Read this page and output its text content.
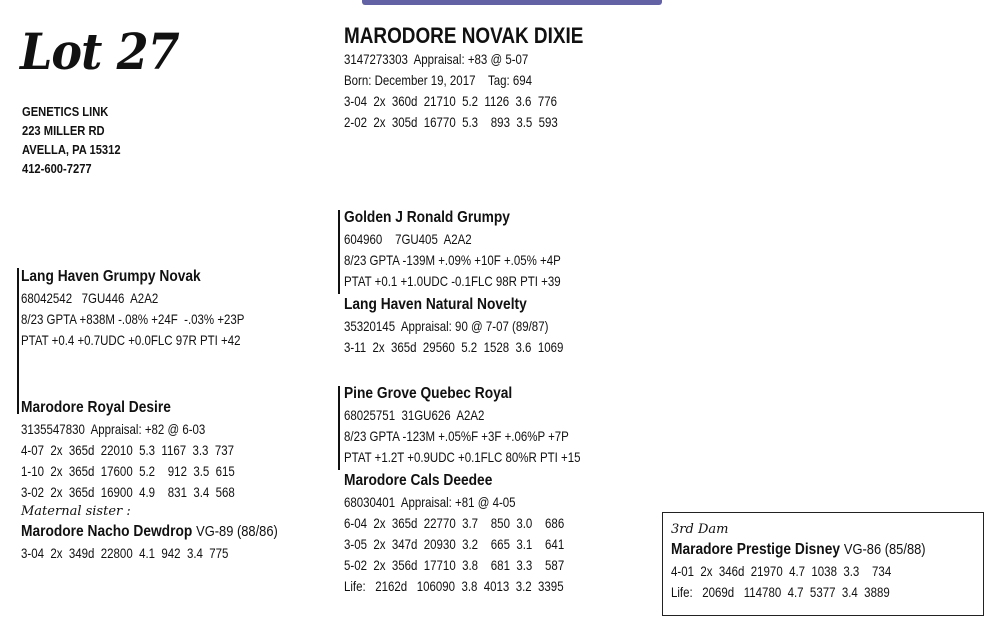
Lot 27
GENETICS LINK
223 MILLER RD
AVELLA, PA 15312
412-600-7277
MARODORE NOVAK DIXIE
3147273303  Appraisal: +83 @ 5-07
Born: December 19, 2017    Tag: 694
3-04  2x  360d  21710  5.2  1126  3.6  776
2-02  2x  305d  16770  5.3    893  3.5  593
Lang Haven Grumpy Novak
68042542   7GU446  A2A2
8/23 GPTA +838M -.08% +24F  -.03% +23P
PTAT +0.4 +0.7UDC +0.0FLC 97R PTI +42
Marodore Royal Desire
3135547830  Appraisal: +82 @ 6-03
4-07  2x  365d  22010  5.3  1167  3.3  737
1-10  2x  365d  17600  5.2    912  3.5  615
3-02  2x  365d  16900  4.9    831  3.4  568
Maternal sister :
Marodore Nacho Dewdrop VG-89 (88/86)
3-04  2x  349d  22800  4.1  942  3.4  775
Golden J Ronald Grumpy
604960    7GU405  A2A2
8/23 GPTA -139M +.09% +10F +.05% +4P
PTAT +0.1 +1.0UDC -0.1FLC 98R PTI +39
Lang Haven Natural Novelty
35320145  Appraisal: 90 @ 7-07 (89/87)
3-11  2x  365d  29560  5.2  1528  3.6  1069
Pine Grove Quebec Royal
68025751  31GU626  A2A2
8/23 GPTA -123M +.05%F +3F +.06%P +7P
PTAT +1.2T +0.9UDC +0.1FLC 80%R PTI +15
Marodore Cals Deedee
68030401  Appraisal: +81 @ 4-05
6-04  2x  365d  22770  3.7    850  3.0    686
3-05  2x  347d  20930  3.2    665  3.1    641
5-02  2x  356d  17710  3.8    681  3.3    587
Life:   2162d   106090  3.8  4013  3.2  3395
3rd Dam
Maradore Prestige Disney VG-86 (85/88)
4-01  2x  346d  21970  4.7  1038  3.3    734
Life:   2069d   114780  4.7  5377  3.4  3889
